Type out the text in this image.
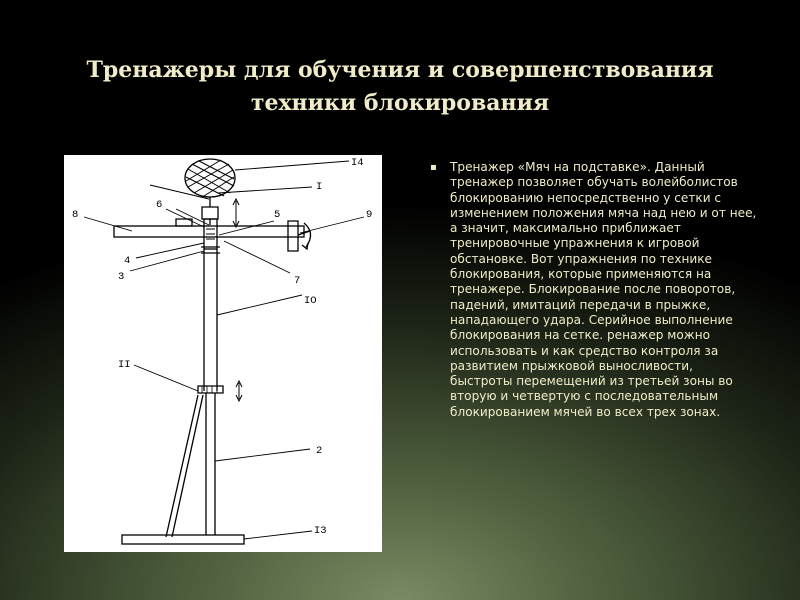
Тренажеры для обучения и совершенствования
техники блокирования
I4
I
6
5
8	9
4
3	7
IO
II
2
I3
▪ Тренажер «Мяч на подставке». Данный тренажер позволяет обучать волейболистов блокированию непосредственно у сетки с изменением положения мяча над нею и от нее, а значит, максимально приближает тренировочные упражнения к игровой обстановке. Вот упражнения по технике блокирования, которые применяются на тренажере. Блокирование после поворотов, падений, имитаций передачи в прыжке, нападающего удара. Серийное выполнение блокирования на сетке. ренажер можно использовать и как средство контроля за развитием прыжковой выносливости, быстроты перемещений из третьей зоны во вторую и четвертую с последовательным блокированием мячей во всех трех зонах.
